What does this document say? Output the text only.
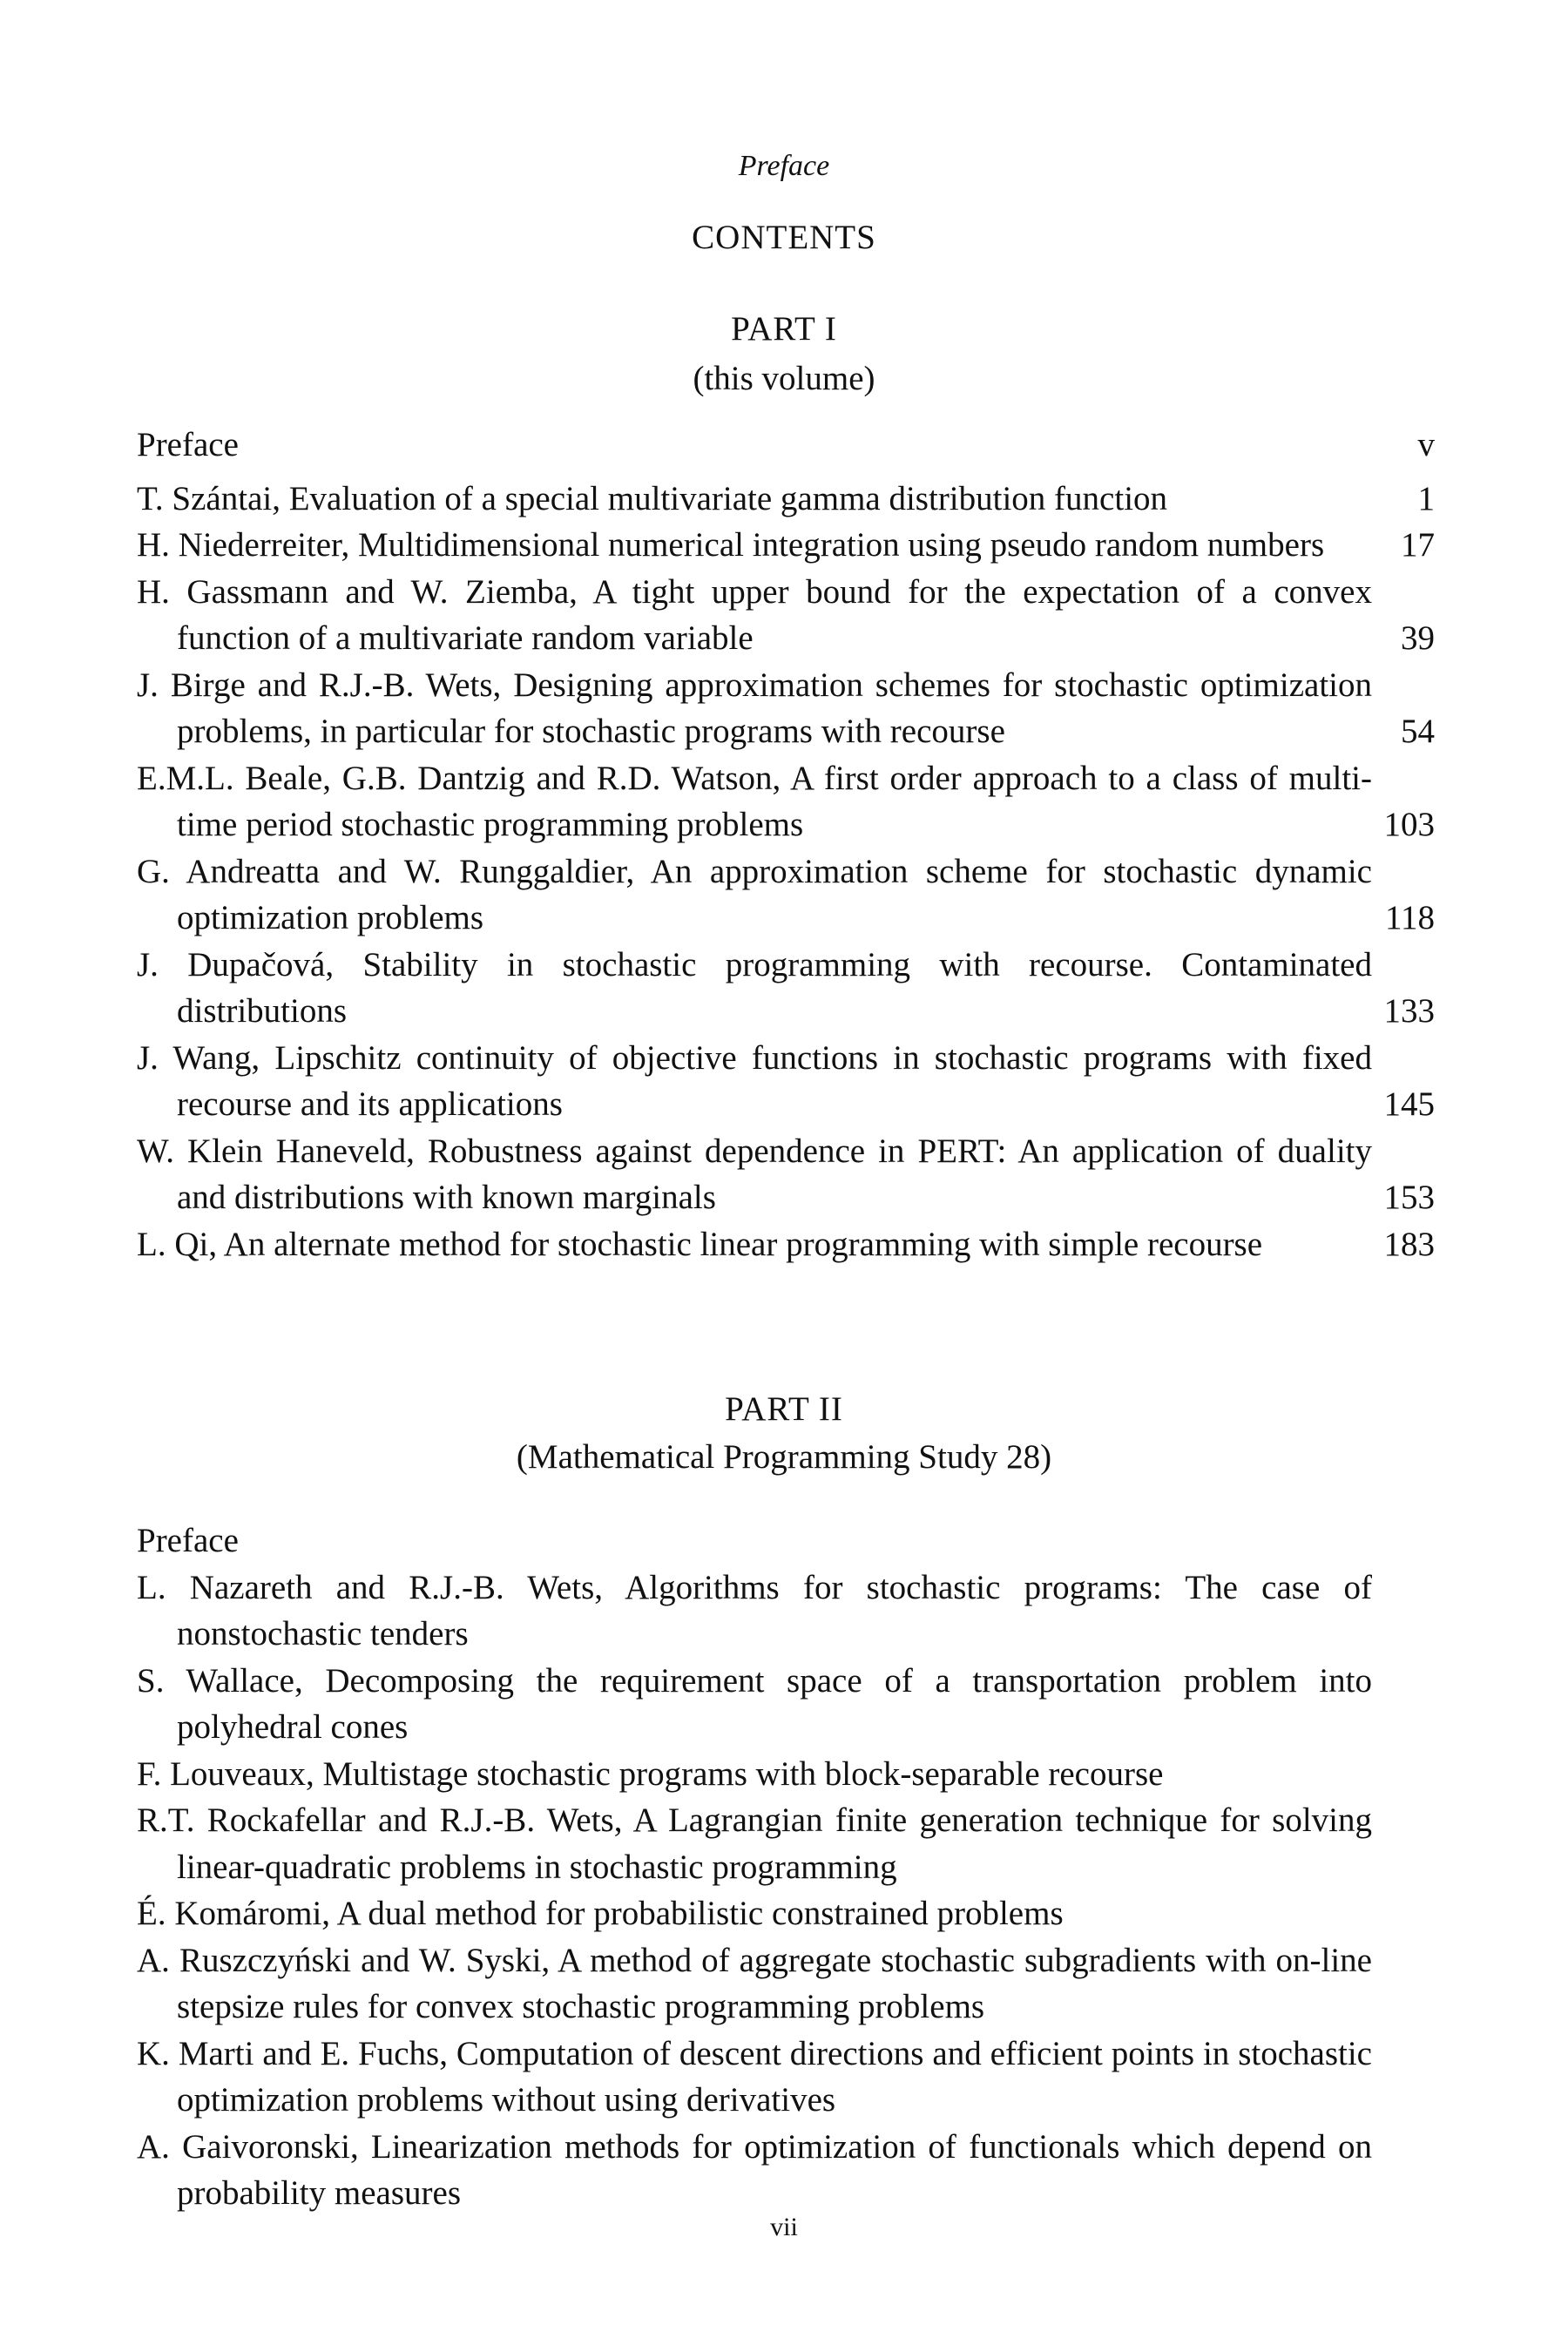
Preface
CONTENTS
PART I
(this volume)
Preface	v
T. Szántai, Evaluation of a special multivariate gamma distribution function	1
H. Niederreiter, Multidimensional numerical integration using pseudo random numbers	17
H. Gassmann and W. Ziemba, A tight upper bound for the expectation of a convex function of a multivariate random variable	39
J. Birge and R.J.-B. Wets, Designing approximation schemes for stochastic optimization problems, in particular for stochastic programs with recourse	54
E.M.L. Beale, G.B. Dantzig and R.D. Watson, A first order approach to a class of multi-time period stochastic programming problems	103
G. Andreatta and W. Runggaldier, An approximation scheme for stochastic dynamic optimization problems	118
J. Dupačová, Stability in stochastic programming with recourse. Contaminated distributions	133
J. Wang, Lipschitz continuity of objective functions in stochastic programs with fixed recourse and its applications	145
W. Klein Haneveld, Robustness against dependence in PERT: An application of duality and distributions with known marginals	153
L. Qi, An alternate method for stochastic linear programming with simple recourse	183
PART II
(Mathematical Programming Study 28)
Preface
L. Nazareth and R.J.-B. Wets, Algorithms for stochastic programs: The case of nonstochastic tenders
S. Wallace, Decomposing the requirement space of a transportation problem into polyhedral cones
F. Louveaux, Multistage stochastic programs with block-separable recourse
R.T. Rockafellar and R.J.-B. Wets, A Lagrangian finite generation technique for solving linear-quadratic problems in stochastic programming
É. Komáromi, A dual method for probabilistic constrained problems
A. Ruszczyński and W. Syski, A method of aggregate stochastic subgradients with on-line stepsize rules for convex stochastic programming problems
K. Marti and E. Fuchs, Computation of descent directions and efficient points in stochastic optimization problems without using derivatives
A. Gaivoronski, Linearization methods for optimization of functionals which depend on probability measures
vii
